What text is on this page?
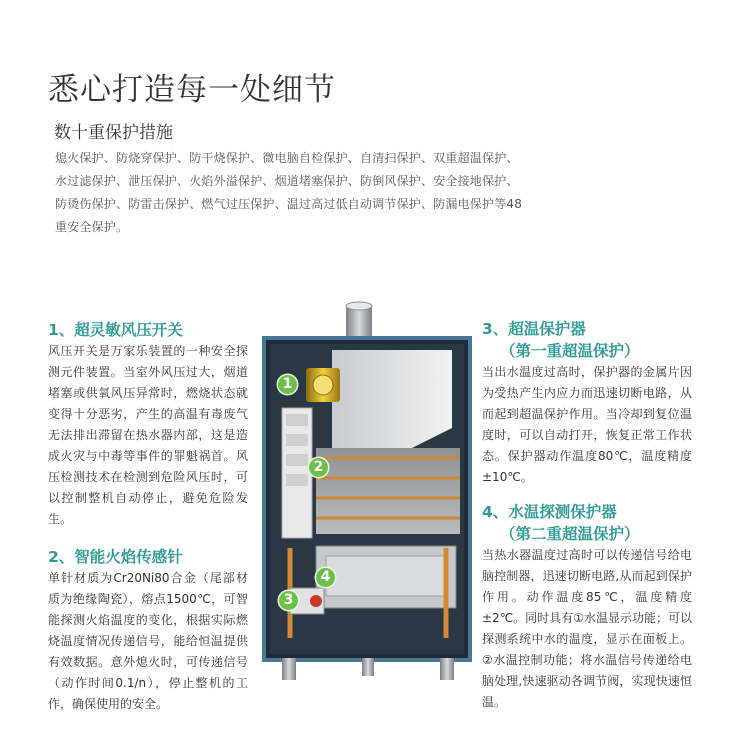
悉心打造每一处细节
数十重保护措施
熄火保护、防烧穿保护、防干烧保护、微电脑自检保护、自清扫保护、双重超温保护、水过滤保护、泄压保护、火焰外溢保护、烟道堵塞保护、防倒风保护、安全接地保护、防烫伤保护、防雷击保护、燃气过压保护、温过高过低自动调节保护、防漏电保护等48重安全保护。
1、超灵敏风压开关
风压开关是万家乐装置的一种安全探测元件装置。当室外风压过大，烟道堵塞或供氧风压异常时，燃烧状态就变得十分恶劣，产生的高温有毒废气无法排出滞留在热水器内部，这是造成火灾与中毒等事件的罪魁祸首。风压检测技术在检测到危险风压时，可以控制整机自动停止，避免危险发生。
2、智能火焰传感针
单针材质为Cr20Ni80合金（尾部材质为绝缘陶瓷），熔点1500℃，可智能探测火焰温度的变化，根据实际燃烧温度情况传递信号，能给恒温提供有效数据。意外熄火时，可传递信号（动作时间0.1/n），停止整机的工作，确保使用的安全。
3、超温保护器
（第一重超温保护）
当出水温度过高时，保护器的金属片因为受热产生内应力而迅速切断电路，从而起到超温保护作用。当冷却到复位温度时，可以自动打开，恢复正常工作状态。保护器动作温度80℃，温度精度±10℃。
4、水温探测保护器
（第二重超温保护）
当热水器温度过高时可以传递信号给电脑控制器，迅速切断电路,从而起到保护作用。动作温度85℃，温度精度±2℃。同时具有①水温显示功能；可以探测系统中水的温度，显示在面板上。②水温控制功能；将水温信号传递给电脑处理,快速驱动各调节阀，实现快速恒温。
1
2
3
4
